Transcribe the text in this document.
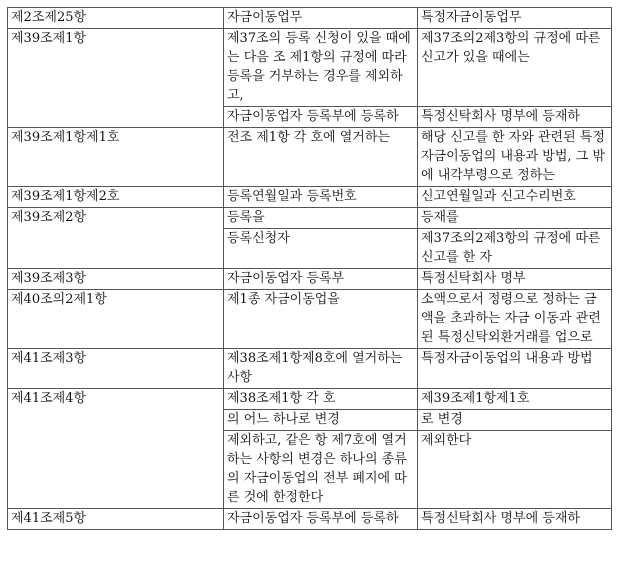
제2조제25항	자금이동업무	특정자금이동업무
제39조제1항	제37조의 등록 신청이 있을 때에는 다음 조 제1항의 규정에 따라 등록을 거부하는 경우를 제외하고,	제37조의2제3항의 규정에 따른 신고가 있을 때에는
	자금이동업자 등록부에 등록하	특정신탁회사 명부에 등재하
제39조제1항제1호	전조 제1항 각 호에 열거하는	해당 신고를 한 자와 관련된 특정자금이동업의 내용과 방법, 그 밖에 내각부령으로 정하는
제39조제1항제2호	등록연월일과 등록번호	신고연월일과 신고수리번호
제39조제2항	등록을	등재를
	등록신청자	제37조의2제3항의 규정에 따른 신고를 한 자
제39조제3항	자금이동업자 등록부	특정신탁회사 명부
제40조의2제1항	제1종 자금이동업을	소액으로서 정령으로 정하는 금액을 초과하는 자금 이동과 관련된 특정신탁외환거래를 업으로
제41조제3항	제38조제1항제8호에 열거하는 사항	특정자금이동업의 내용과 방법
제41조제4항	제38조제1항 각 호	제39조제1항제1호
	의 어느 하나로 변경	로 변경
	제외하고, 같은 항 제7호에 열거하는 사항의 변경은 하나의 종류의 자금이동업의 전부 폐지에 따른 것에 한정한다	제외한다
제41조제5항	자금이동업자 등록부에 등록하	특정신탁회사 명부에 등재하
